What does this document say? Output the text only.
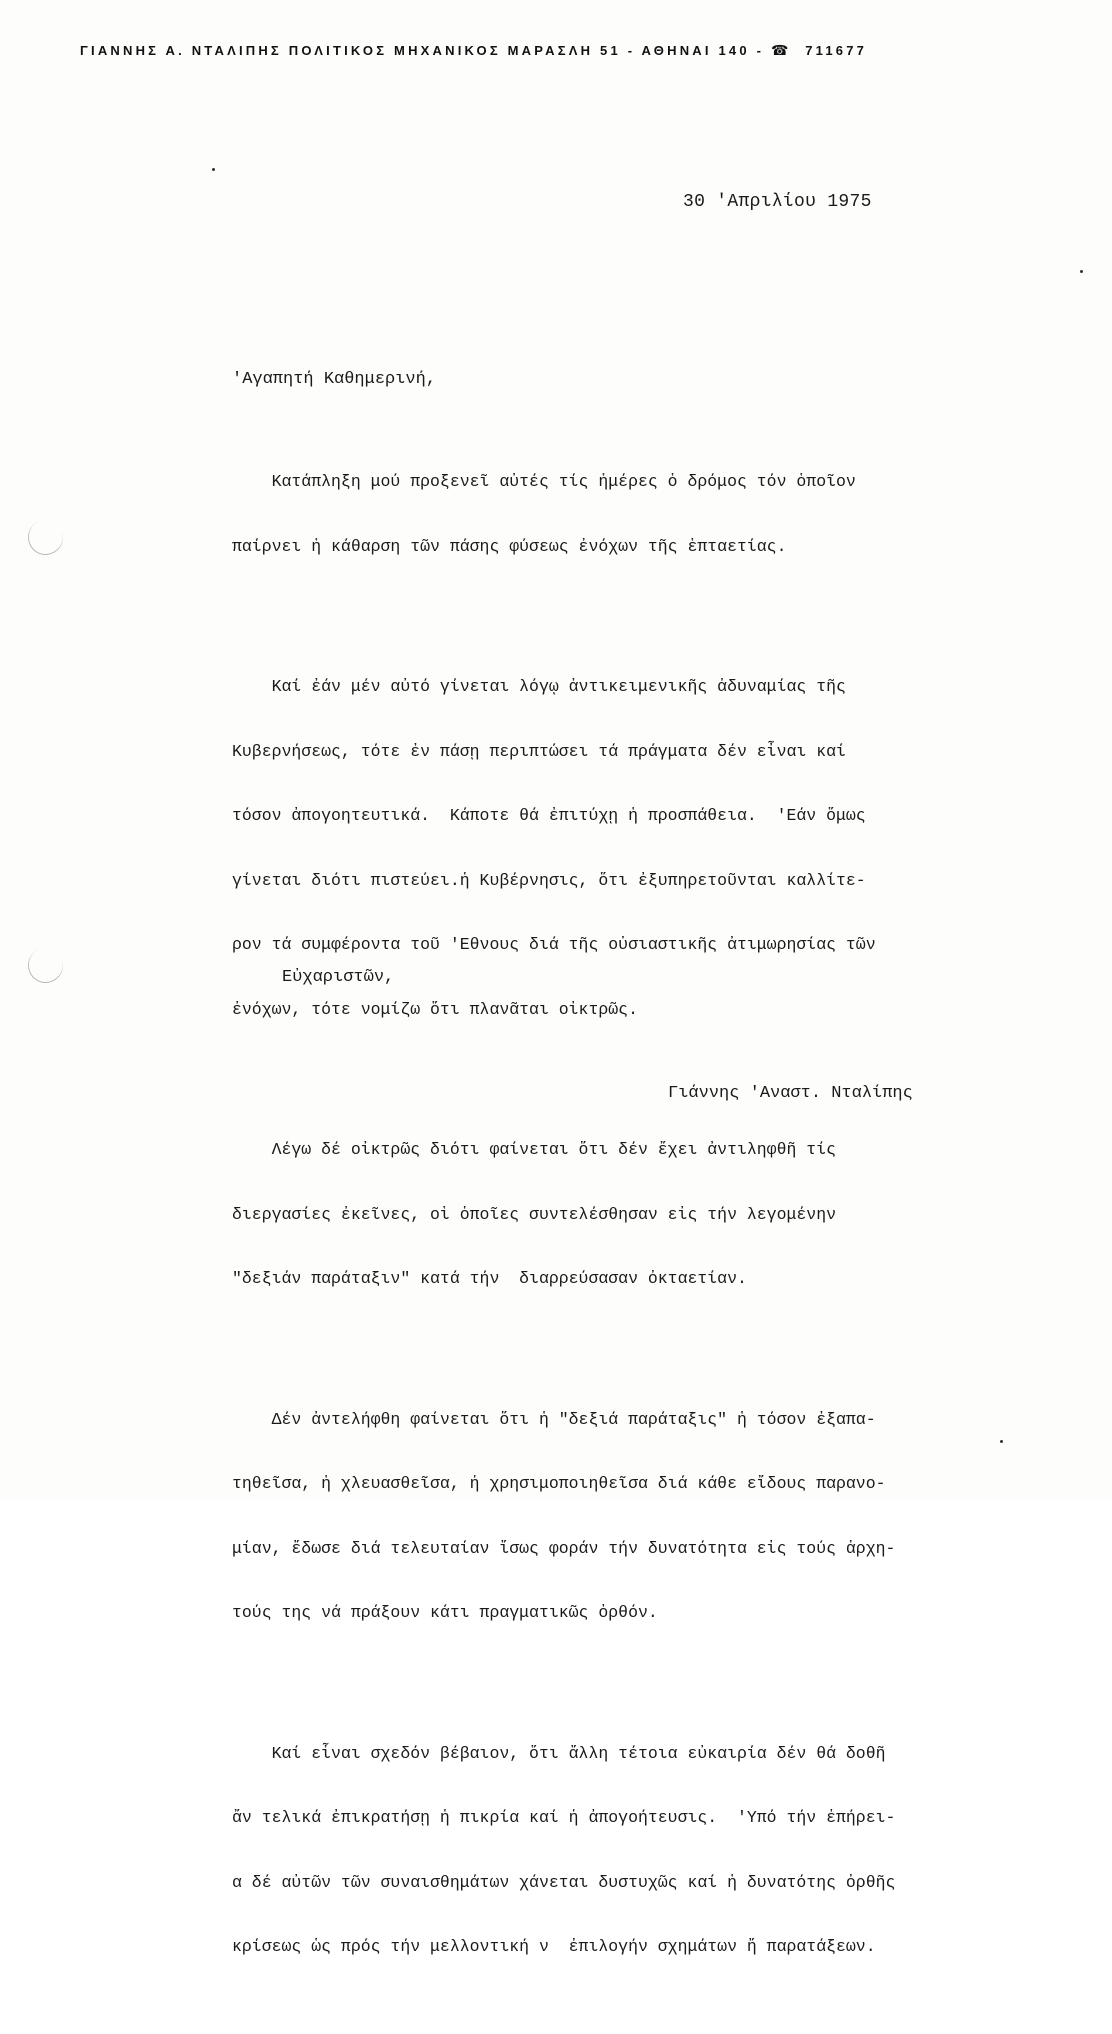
ΓΙΑΝΝΗΣ Α. ΝΤΑΛΙΠΗΣ ΠΟΛΙΤΙΚΟΣ ΜΗΧΑΝΙΚΟΣ ΜΑΡΑΣΛΗ 51 - ΑΘΗΝΑΙ 140 - ☎ 711677
30 'Απριλίου 1975
'Αγαπητή Καθημερινή,

Κατάπληξη μού προξενεῖ αὐτές τίς ἡμέρες ὁ δρόμος τόν ὁποῖον

παίρνει ἡ κάθαρση τῶν πάσης φύσεως ἐνόχων τῆς ἑπταετίας.

Καί ἐάν μέν αὐτό γίνεται λόγῳ ἀντικειμενικῆς ἀδυναμίας τῆς

Κυβερνήσεως, τότε ἐν πάσῃ περιπτώσει τά πράγματα δέν εἶναι καί

τόσον ἀπογοητευτικά.  Κάποτε θά ἐπιτύχῃ ἡ προσπάθεια.  'Εάν ὅμως

γίνεται διότι πιστεύει.ἡ Κυβέρνησις, ὅτι ἐξυπηρετοῦνται καλλίτε-

ρον τά συμφέροντα τοῦ 'Εθνους διά τῆς οὐσιαστικῆς ἀτιμωρησίας τῶν

ἐνόχων, τότε νομίζω ὅτι πλανᾶται οἰκτρῶς.

Λέγω δέ οἰκτρῶς διότι φαίνεται ὅτι δέν ἔχει ἀντιληφθῆ τίς

διεργασίες ἐκεῖνες, οἱ ὁποῖες συντελέσθησαν εἰς τήν λεγομένην

"δεξιάν παράταξιν" κατά τήν  διαρρεύσασαν ὀκταετίαν.

Δέν ἀντελήφθη φαίνεται ὅτι ἡ "δεξιά παράταξις" ἡ τόσον ἐξαπα-

τηθεῖσα, ἡ χλευασθεῖσα, ἡ χρησιμοποιηθεῖσα διά κάθε εἴδους παρανο-

μίαν, ἔδωσε διά τελευταίαν ἴσως φοράν τήν δυνατότητα εἰς τούς ἀρχη-

τούς της νά πράξουν κάτι πραγματικῶς ὀρθόν.

Καί εἶναι σχεδόν βέβαιον, ὅτι ἄλλη τέτοια εὐκαιρία δέν θά δοθῆ

ἄν τελικά ἐπικρατήσῃ ἡ πικρία καί ἡ ἀπογοήτευσις.  'Υπό τήν ἐπήρει-

α δέ αὐτῶν τῶν συναισθημάτων χάνεται δυστυχῶς καί ἡ δυνατότης ὀρθῆς

κρίσεως ὡς πρός τήν μελλοντική ν  ἐπιλογήν σχημάτων ἤ παρατάξεων.

Εὐχαριστῶν,
Γιάννης 'Αναστ. Νταλίπης
